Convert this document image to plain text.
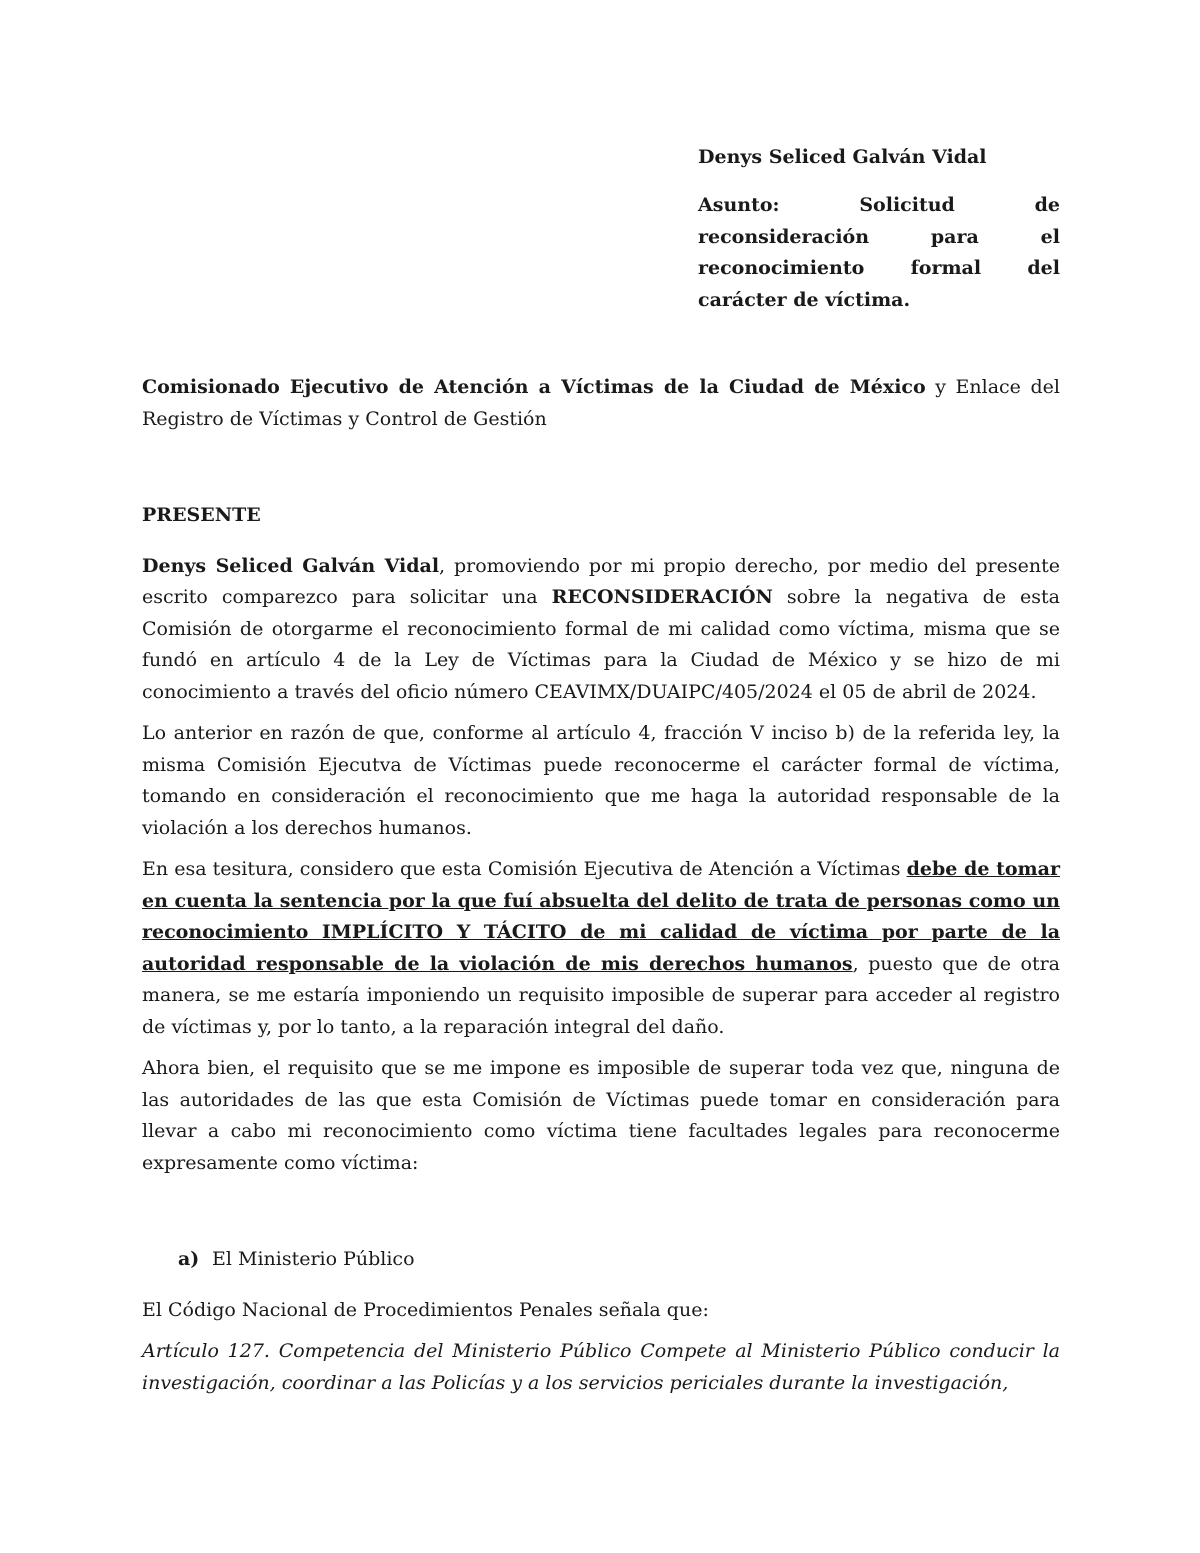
Denys Seliced Galván Vidal

Asunto: Solicitud de reconsideración para el reconocimiento formal del carácter de víctima.

Comisionado Ejecutivo de Atención a Víctimas de la Ciudad de México y Enlace del Registro de Víctimas y Control de Gestión

PRESENTE

Denys Seliced Galván Vidal, promoviendo por mi propio derecho, por medio del presente escrito comparezco para solicitar una RECONSIDERACIÓN sobre la negativa de esta Comisión de otorgarme el reconocimiento formal de mi calidad como víctima, misma que se fundó en artículo 4 de la Ley de Víctimas para la Ciudad de México y se hizo de mi conocimiento a través del oficio número CEAVIMX/DUAIPC/405/2024 el 05 de abril de 2024.

Lo anterior en razón de que, conforme al artículo 4, fracción V inciso b) de la referida ley, la misma Comisión Ejecutva de Víctimas puede reconocerme el carácter formal de víctima, tomando en consideración el reconocimiento que me haga la autoridad responsable de la violación a los derechos humanos.

En esa tesitura, considero que esta Comisión Ejecutiva de Atención a Víctimas debe de tomar en cuenta la sentencia por la que fuí absuelta del delito de trata de personas como un reconocimiento IMPLÍCITO Y TÁCITO de mi calidad de víctima por parte de la autoridad responsable de la violación de mis derechos humanos, puesto que de otra manera, se me estaría imponiendo un requisito imposible de superar para acceder al registro de víctimas y, por lo tanto, a la reparación integral del daño.

Ahora bien, el requisito que se me impone es imposible de superar toda vez que, ninguna de las autoridades de las que esta Comisión de Víctimas puede tomar en consideración para llevar a cabo mi reconocimiento como víctima tiene facultades legales para reconocerme expresamente como víctima:

a) El Ministerio Público

El Código Nacional de Procedimientos Penales señala que:

Artículo 127. Competencia del Ministerio Público Compete al Ministerio Público conducir la investigación, coordinar a las Policías y a los servicios periciales durante la investigación,
